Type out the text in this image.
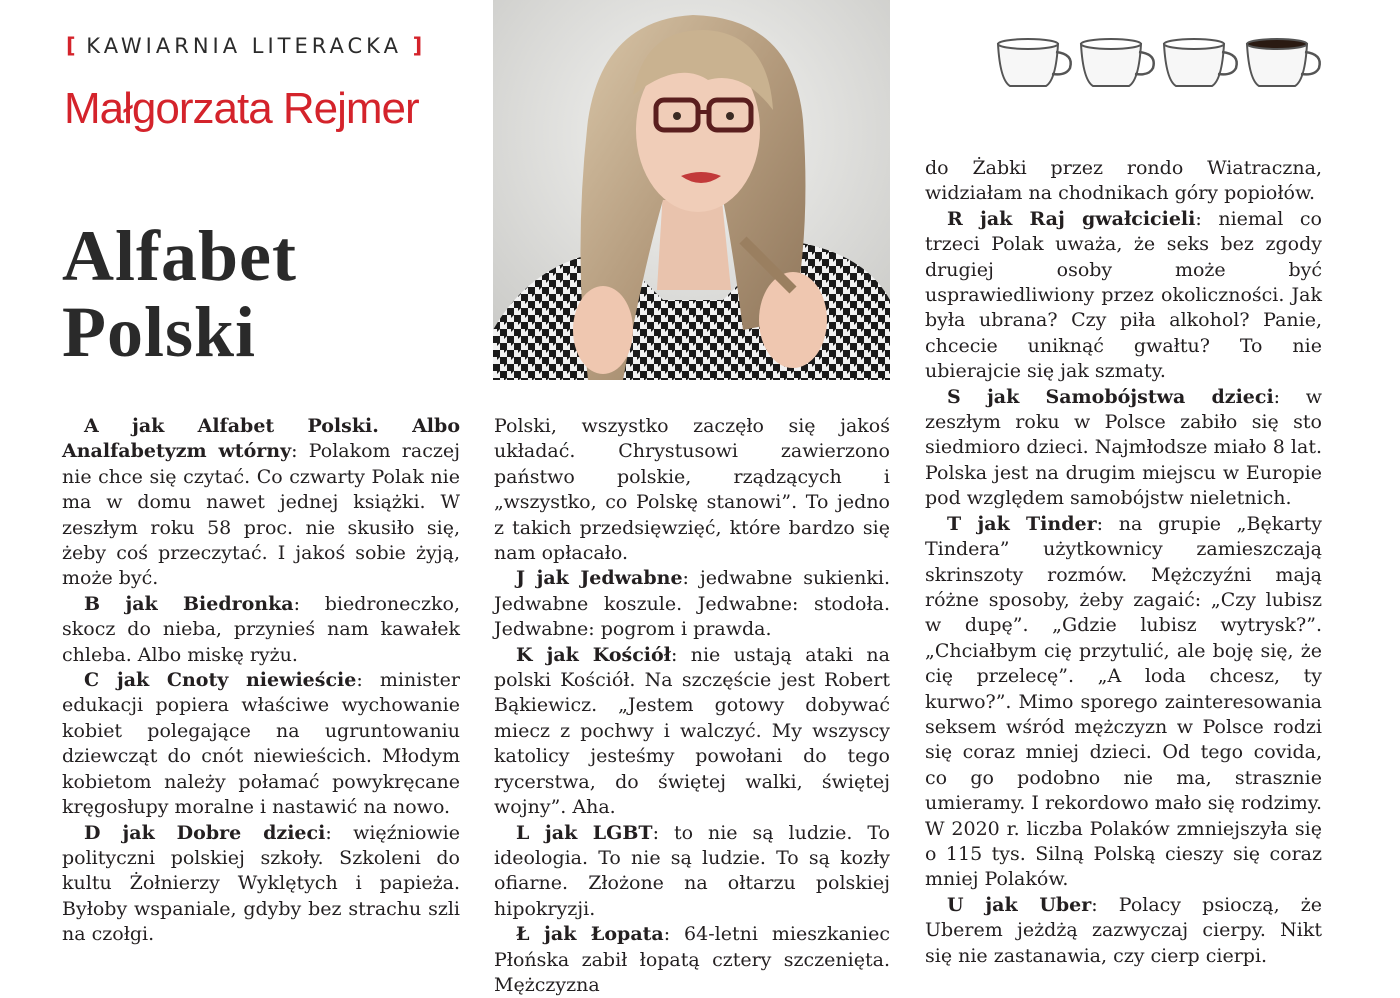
[ KAWIARNIA LITERACKA ]
Małgorzata Rejmer
Alfabet
Polski

A jak Alfabet Polski. Albo Analfabetyzm wtórny: Polakom raczej nie chce się czytać. Co czwarty Polak nie ma w domu nawet jednej książki. W zeszłym roku 58 proc. nie skusiło się, żeby coś przeczytać. I jakoś sobie żyją, może być.

B jak Biedronka: biedroneczko, skocz do nieba, przynieś nam kawałek chleba. Albo miskę ryżu.

C jak Cnoty niewieście: minister edukacji popiera właściwe wychowanie kobiet polegające na ugruntowaniu dziewcząt do cnót niewieścich. Młodym kobietom należy połamać powykręcane kręgosłupy moralne i nastawić na nowo.

D jak Dobre dzieci: więźniowie polityczni polskiej szkoły. Szkoleni do kultu Żołnierzy Wyklętych i papieża. Byłoby wspaniale, gdyby bez strachu szli na czołgi.

Polski, wszystko zaczęło się jakoś układać. Chrystusowi zawierzono państwo polskie, rządzących i „wszystko, co Polskę stanowi”. To jedno z takich przedsięwzięć, które bardzo się nam opłacało.

J jak Jedwabne: jedwabne sukienki. Jedwabne koszule. Jedwabne: stodoła. Jedwabne: pogrom i prawda.

K jak Kościół: nie ustają ataki na polski Kościół. Na szczęście jest Robert Bąkiewicz. „Jestem gotowy dobywać miecz z pochwy i walczyć. My wszyscy katolicy jesteśmy powołani do tego rycerstwa, do świętej walki, świętej wojny”. Aha.

L jak LGBT: to nie są ludzie. To ideologia. To nie są ludzie. To są kozły ofiarne. Złożone na ołtarzu polskiej hipokryzji.

Ł jak Łopata: 64-letni mieszkaniec Płońska zabił łopatą cztery szczenięta. Mężczyzna

do Żabki przez rondo Wiatraczna, widziałam na chodnikach góry popiołów.

R jak Raj gwałcicieli: niemal co trzeci Polak uważa, że seks bez zgody drugiej osoby może być usprawiedliwiony przez okoliczności. Jak była ubrana? Czy piła alkohol? Panie, chcecie uniknąć gwałtu? To nie ubierajcie się jak szmaty.

S jak Samobójstwa dzieci: w zeszłym roku w Polsce zabiło się sto siedmioro dzieci. Najmłodsze miało 8 lat. Polska jest na drugim miejscu w Europie pod względem samobójstw nieletnich.

T jak Tinder: na grupie „Bękarty Tindera” użytkownicy zamieszczają skrinszoty rozmów. Mężczyźni mają różne sposoby, żeby zagaić: „Czy lubisz w dupę”. „Gdzie lubisz wytrysk?”. „Chciałbym cię przytulić, ale boję się, że cię przelecę”. „A loda chcesz, ty kurwo?”. Mimo sporego zainteresowania seksem wśród mężczyzn w Polsce rodzi się coraz mniej dzieci. Od tego covida, co go podobno nie ma, strasznie umieramy. I rekordowo mało się rodzimy. W 2020 r. liczba Polaków zmniejszyła się o 115 tys. Silną Polską cieszy się coraz mniej Polaków.

U jak Uber: Polacy psioczą, że Uberem jeżdżą zazwyczaj cierpy. Nikt się nie zastanawia, czy cierp cierpi.
